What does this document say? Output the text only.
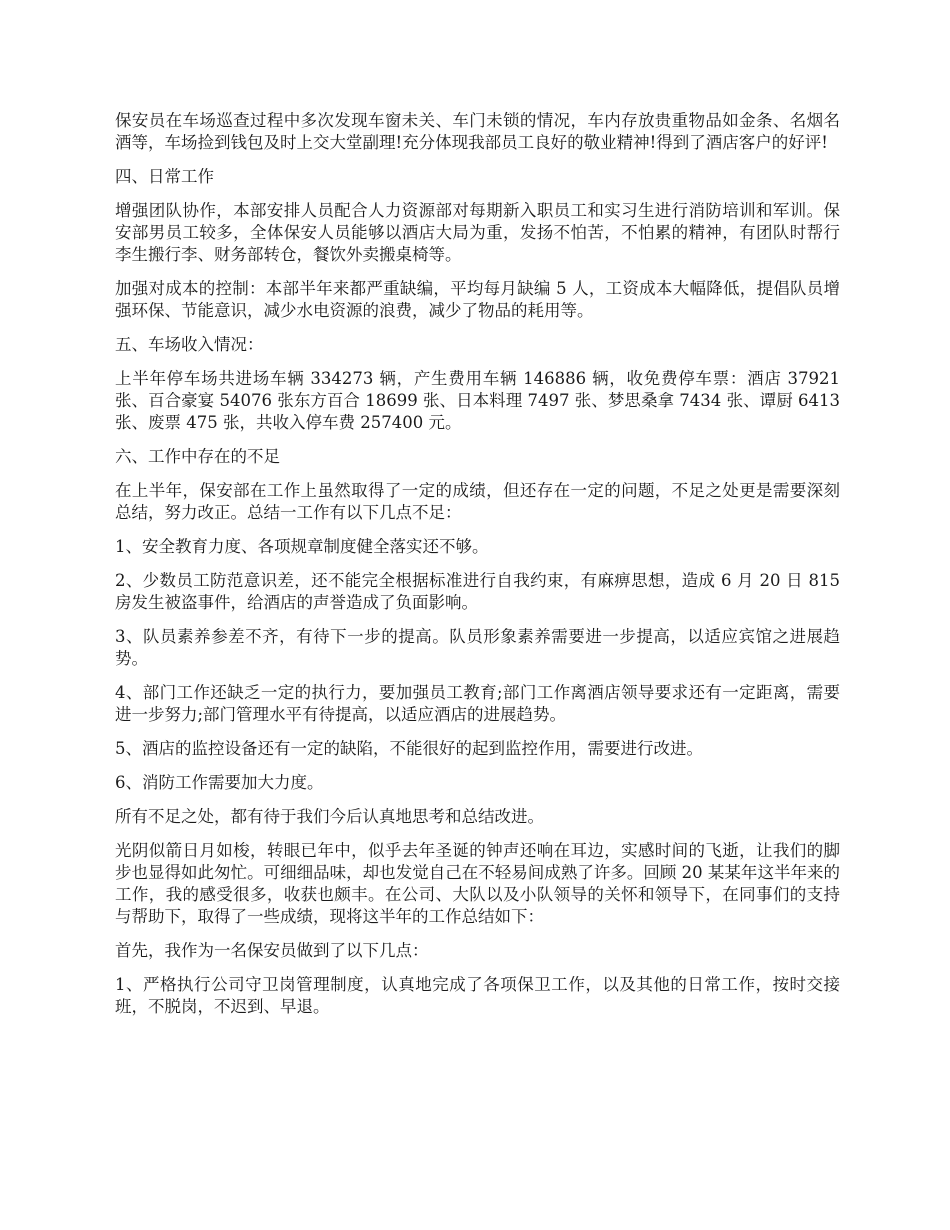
保安员在车场巡查过程中多次发现车窗未关、车门未锁的情况，车内存放贵重物品如金条、名烟名酒等，车场捡到钱包及时上交大堂副理!充分体现我部员工良好的敬业精神!得到了酒店客户的好评!

四、日常工作

增强团队协作，本部安排人员配合人力资源部对每期新入职员工和实习生进行消防培训和军训。保安部男员工较多，全体保安人员能够以酒店大局为重，发扬不怕苦，不怕累的精神，有团队时帮行李生搬行李、财务部转仓，餐饮外卖搬桌椅等。

加强对成本的控制：本部半年来都严重缺编，平均每月缺编 5 人，工资成本大幅降低，提倡队员增强环保、节能意识，减少水电资源的浪费，减少了物品的耗用等。

五、车场收入情况：

上半年停车场共进场车辆 334273 辆，产生费用车辆 146886 辆，收免费停车票：酒店 37921 张、百合豪宴 54076 张东方百合 18699 张、日本料理 7497 张、梦思桑拿 7434 张、谭厨 6413 张、废票 475 张，共收入停车费 257400 元。

六、工作中存在的不足

在上半年，保安部在工作上虽然取得了一定的成绩，但还存在一定的问题，不足之处更是需要深刻总结，努力改正。总结一工作有以下几点不足：

1、安全教育力度、各项规章制度健全落实还不够。

2、少数员工防范意识差，还不能完全根据标准进行自我约束，有麻痹思想，造成 6 月 20 日 815 房发生被盗事件，给酒店的声誉造成了负面影响。

3、队员素养参差不齐，有待下一步的提高。队员形象素养需要进一步提高，以适应宾馆之进展趋势。

4、部门工作还缺乏一定的执行力，要加强员工教育;部门工作离酒店领导要求还有一定距离，需要进一步努力;部门管理水平有待提高，以适应酒店的进展趋势。

5、酒店的监控设备还有一定的缺陷，不能很好的起到监控作用，需要进行改进。

6、消防工作需要加大力度。

所有不足之处，都有待于我们今后认真地思考和总结改进。

光阴似箭日月如梭，转眼已年中，似乎去年圣诞的钟声还响在耳边，实感时间的飞逝，让我们的脚步也显得如此匆忙。可细细品味，却也发觉自己在不轻易间成熟了许多。回顾 20 某某年这半年来的工作，我的感受很多，收获也颇丰。在公司、大队以及小队领导的关怀和领导下，在同事们的支持与帮助下，取得了一些成绩，现将这半年的工作总结如下：

首先，我作为一名保安员做到了以下几点：

1、严格执行公司守卫岗管理制度，认真地完成了各项保卫工作，以及其他的日常工作，按时交接班，不脱岗，不迟到、早退。
